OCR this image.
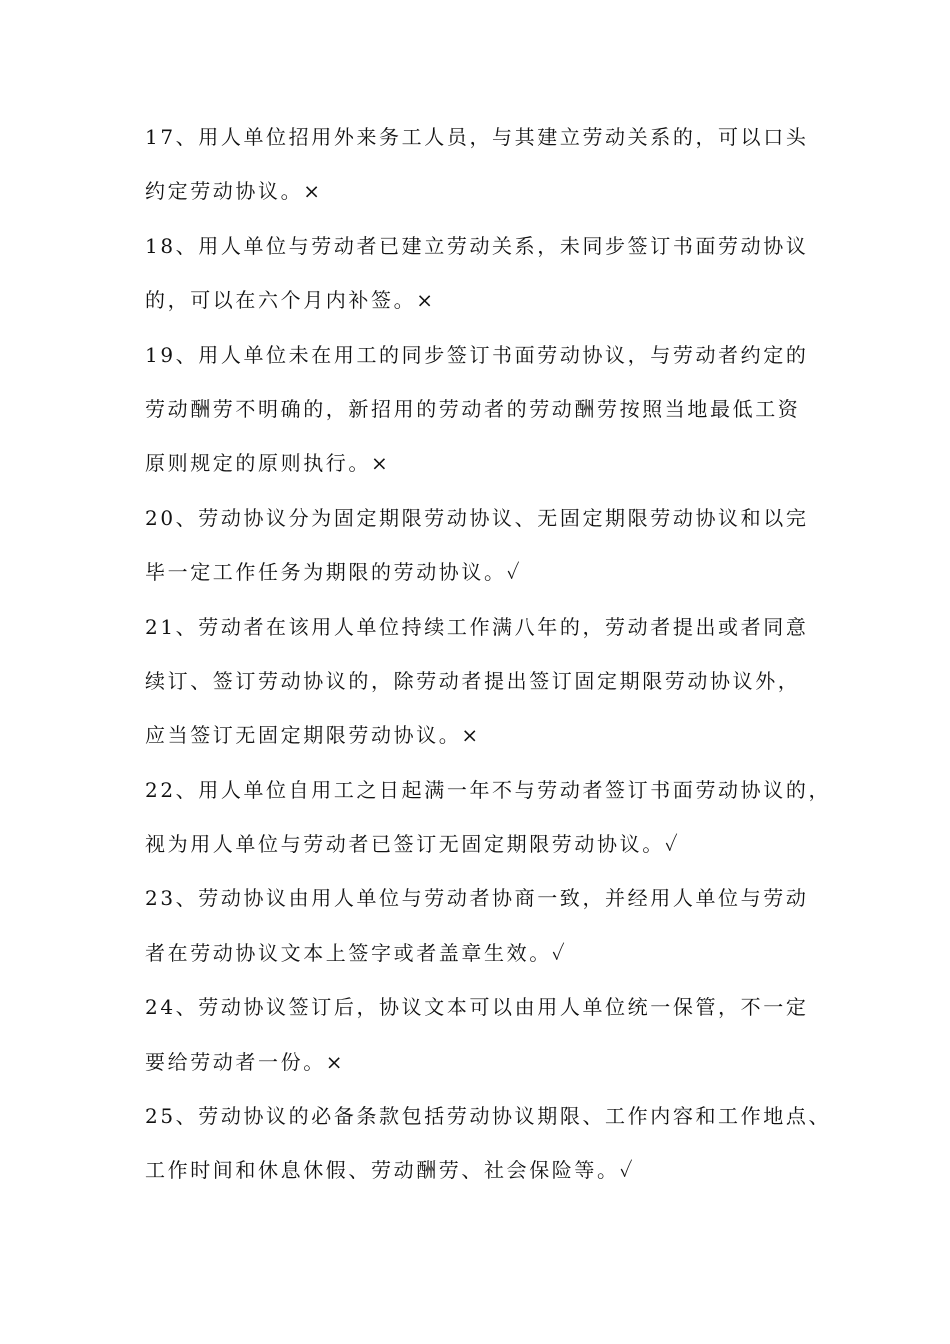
17、用人单位招用外来务工人员，与其建立劳动关系的，可以口头

约定劳动协议。×

18、用人单位与劳动者已建立劳动关系，未同步签订书面劳动协议

的，可以在六个月内补签。×

19、用人单位未在用工的同步签订书面劳动协议，与劳动者约定的

劳动酬劳不明确的，新招用的劳动者的劳动酬劳按照当地最低工资

原则规定的原则执行。×

20、劳动协议分为固定期限劳动协议、无固定期限劳动协议和以完

毕一定工作任务为期限的劳动协议。✓

21、劳动者在该用人单位持续工作满八年的，劳动者提出或者同意

续订、签订劳动协议的，除劳动者提出签订固定期限劳动协议外，

应当签订无固定期限劳动协议。×

22、用人单位自用工之日起满一年不与劳动者签订书面劳动协议的，

视为用人单位与劳动者已签订无固定期限劳动协议。✓

23、劳动协议由用人单位与劳动者协商一致，并经用人单位与劳动

者在劳动协议文本上签字或者盖章生效。✓

24、劳动协议签订后，协议文本可以由用人单位统一保管，不一定

要给劳动者一份。×

25、劳动协议的必备条款包括劳动协议期限、工作内容和工作地点、

工作时间和休息休假、劳动酬劳、社会保险等。✓
